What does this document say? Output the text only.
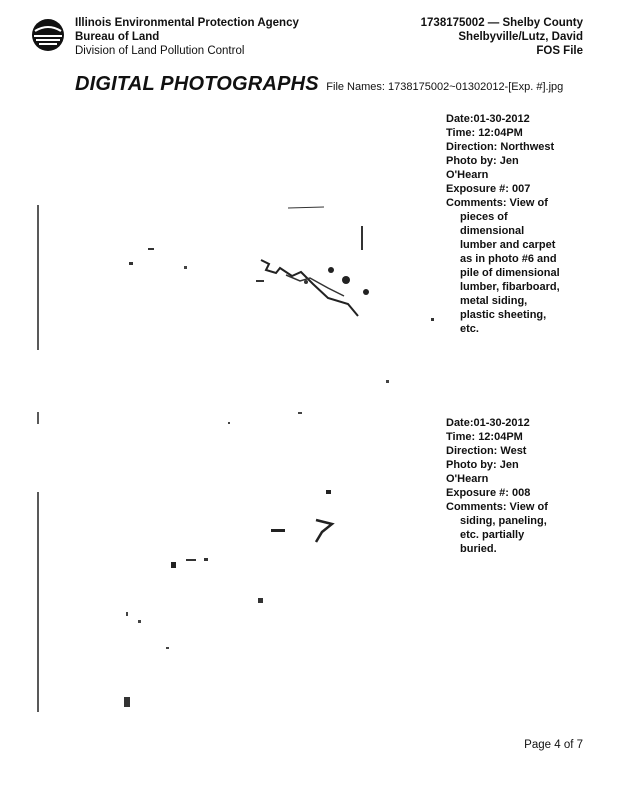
Illinois Environmental Protection Agency
Bureau of Land
Division of Land Pollution Control
1738175002 — Shelby County
Shelbyville/Lutz, David
FOS File
DIGITAL PHOTOGRAPHS File Names: 1738175002~01302012-[Exp. #].jpg
Date:01-30-2012
Time: 12:04PM
Direction: Northwest
Photo by: Jen
O'Hearn
Exposure #: 007
Comments: View of
pieces of
dimensional
lumber and carpet
as in photo #6 and
pile of dimensional
lumber, fibarboard,
metal siding,
plastic sheeting,
etc.
Date:01-30-2012
Time: 12:04PM
Direction: West
Photo by: Jen
O'Hearn
Exposure #: 008
Comments: View of
siding, paneling,
etc. partially
buried.
Page 4 of 7
